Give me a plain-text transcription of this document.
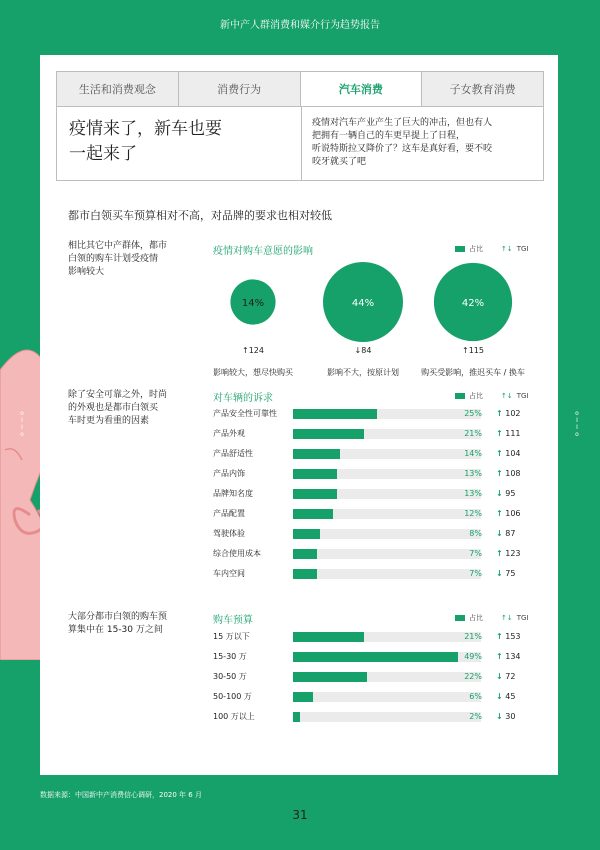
新中产人群消费和媒介行为趋势报告
o
I
I
o
o
I
I
o
生活和消费观念	消费行为	汽车消费	子女教育消费
疫情来了，新车也要
一起来了
疫情对汽车产业产生了巨大的冲击，但也有人
把拥有一辆自己的车更早提上了日程，
听说特斯拉又降价了？这车是真好看，要不咬
咬牙就买了吧
都市白领买车预算相对不高，对品牌的要求也相对较低
相比其它中产群体，都市
白领的购车计划受疫情
影响较大
疫情对购车意愿的影响	占比	↑↓ TGI
14%
↑124
影响较大，想尽快购买
44%
↓84
影响不大，按原计划
42%
↑115
购买受影响，推迟买车 / 换车
除了安全可靠之外，时尚
的外观也是都市白领买
车时更为看重的因素
对车辆的诉求	占比	↑↓ TGI
产品安全性可靠性	25% ↑ 102
产品外观	21% ↑ 111
产品舒适性	14% ↑ 104
产品内饰	13% ↑ 108
品牌知名度	13% ↓ 95
产品配置	12% ↑ 106
驾驶体验	8% ↓ 87
综合使用成本	7% ↑ 123
车内空间	7% ↓ 75
大部分都市白领的购车预
算集中在 15-30 万之间
购车预算	占比	↑↓ TGI
15 万以下	21% ↑ 153
15-30 万	49% ↑ 134
30-50 万	22% ↓ 72
50-100 万	6% ↓ 45
100 万以上	2% ↓ 30
数据来源：中国新中产消费信心调研，2020 年 6 月
31
